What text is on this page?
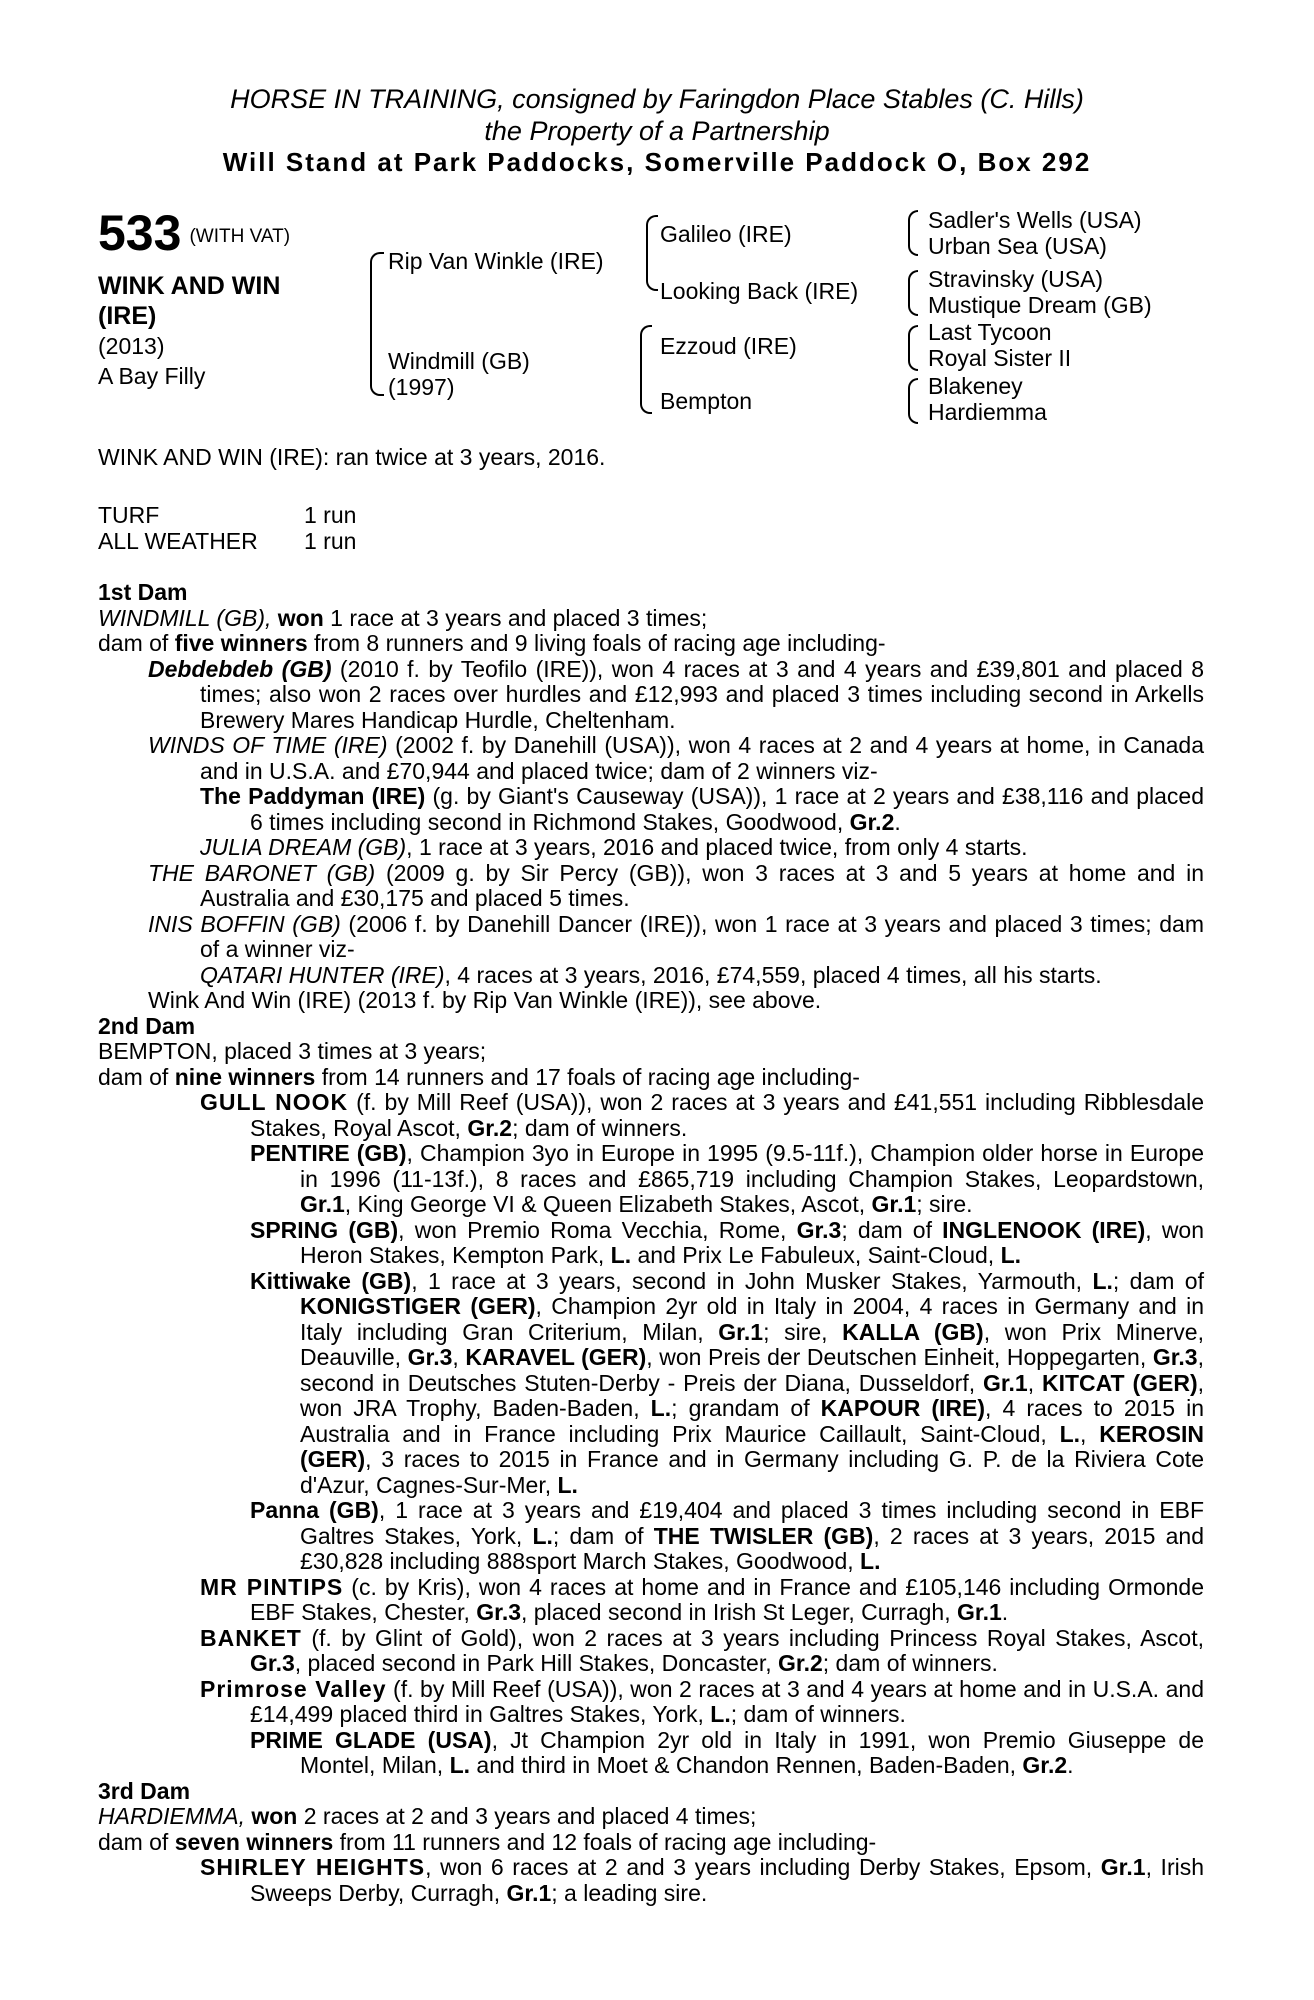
HORSE IN TRAINING, consigned by Faringdon Place Stables (C. Hills)
the Property of a Partnership
Will Stand at Park Paddocks, Somerville Paddock O, Box 292
533 (WITH VAT)
WINK AND WIN
(IRE)
(2013)
A Bay Filly
Rip Van Winkle (IRE)
Windmill (GB)
(1997)
Galileo (IRE)
Looking Back (IRE)
Ezzoud (IRE)
Bempton
Sadler's Wells (USA)
Urban Sea (USA)
Stravinsky (USA)
Mustique Dream (GB)
Last Tycoon
Royal Sister II
Blakeney
Hardiemma
WINK AND WIN (IRE): ran twice at 3 years, 2016.
TURF	1 run
ALL WEATHER 1 run
1st Dam

WINDMILL (GB), won 1 race at 3 years and placed 3 times;

dam of five winners from 8 runners and 9 living foals of racing age including-

Debdebdeb (GB) (2010 f. by Teofilo (IRE)), won 4 races at 3 and 4 years and £39,801 and placed 8 times; also won 2 races over hurdles and £12,993 and placed 3 times including second in Arkells Brewery Mares Handicap Hurdle, Cheltenham.

WINDS OF TIME (IRE) (2002 f. by Danehill (USA)), won 4 races at 2 and 4 years at home, in Canada and in U.S.A. and £70,944 and placed twice; dam of 2 winners viz-

The Paddyman (IRE) (g. by Giant's Causeway (USA)), 1 race at 2 years and £38,116 and placed 6 times including second in Richmond Stakes, Goodwood, Gr.2.

JULIA DREAM (GB), 1 race at 3 years, 2016 and placed twice, from only 4 starts.

THE BARONET (GB) (2009 g. by Sir Percy (GB)), won 3 races at 3 and 5 years at home and in Australia and £30,175 and placed 5 times.

INIS BOFFIN (GB) (2006 f. by Danehill Dancer (IRE)), won 1 race at 3 years and placed 3 times; dam of a winner viz-

QATARI HUNTER (IRE), 4 races at 3 years, 2016, £74,559, placed 4 times, all his starts.

Wink And Win (IRE) (2013 f. by Rip Van Winkle (IRE)), see above.

2nd Dam

BEMPTON, placed 3 times at 3 years;

dam of nine winners from 14 runners and 17 foals of racing age including-

GULL NOOK (f. by Mill Reef (USA)), won 2 races at 3 years and £41,551 including Ribblesdale Stakes, Royal Ascot, Gr.2; dam of winners.

PENTIRE (GB), Champion 3yo in Europe in 1995 (9.5-11f.), Champion older horse in Europe in 1996 (11-13f.), 8 races and £865,719 including Champion Stakes, Leopardstown, Gr.1, King George VI & Queen Elizabeth Stakes, Ascot, Gr.1; sire.

SPRING (GB), won Premio Roma Vecchia, Rome, Gr.3; dam of INGLENOOK (IRE), won Heron Stakes, Kempton Park, L. and Prix Le Fabuleux, Saint-Cloud, L.

Kittiwake (GB), 1 race at 3 years, second in John Musker Stakes, Yarmouth, L.; dam of KONIGSTIGER (GER), Champion 2yr old in Italy in 2004, 4 races in Germany and in Italy including Gran Criterium, Milan, Gr.1; sire, KALLA (GB), won Prix Minerve, Deauville, Gr.3, KARAVEL (GER), won Preis der Deutschen Einheit, Hoppegarten, Gr.3, second in Deutsches Stuten-Derby - Preis der Diana, Dusseldorf, Gr.1, KITCAT (GER), won JRA Trophy, Baden-Baden, L.; grandam of KAPOUR (IRE), 4 races to 2015 in Australia and in France including Prix Maurice Caillault, Saint-Cloud, L., KEROSIN (GER), 3 races to 2015 in France and in Germany including G. P. de la Riviera Cote d'Azur, Cagnes-Sur-Mer, L.

Panna (GB), 1 race at 3 years and £19,404 and placed 3 times including second in EBF Galtres Stakes, York, L.; dam of THE TWISLER (GB), 2 races at 3 years, 2015 and £30,828 including 888sport March Stakes, Goodwood, L.

MR PINTIPS (c. by Kris), won 4 races at home and in France and £105,146 including Ormonde EBF Stakes, Chester, Gr.3, placed second in Irish St Leger, Curragh, Gr.1.

BANKET (f. by Glint of Gold), won 2 races at 3 years including Princess Royal Stakes, Ascot, Gr.3, placed second in Park Hill Stakes, Doncaster, Gr.2; dam of winners.

Primrose Valley (f. by Mill Reef (USA)), won 2 races at 3 and 4 years at home and in U.S.A. and £14,499 placed third in Galtres Stakes, York, L.; dam of winners.

PRIME GLADE (USA), Jt Champion 2yr old in Italy in 1991, won Premio Giuseppe de Montel, Milan, L. and third in Moet & Chandon Rennen, Baden-Baden, Gr.2.

3rd Dam

HARDIEMMA, won 2 races at 2 and 3 years and placed 4 times;

dam of seven winners from 11 runners and 12 foals of racing age including-

SHIRLEY HEIGHTS, won 6 races at 2 and 3 years including Derby Stakes, Epsom, Gr.1, Irish Sweeps Derby, Curragh, Gr.1; a leading sire.
